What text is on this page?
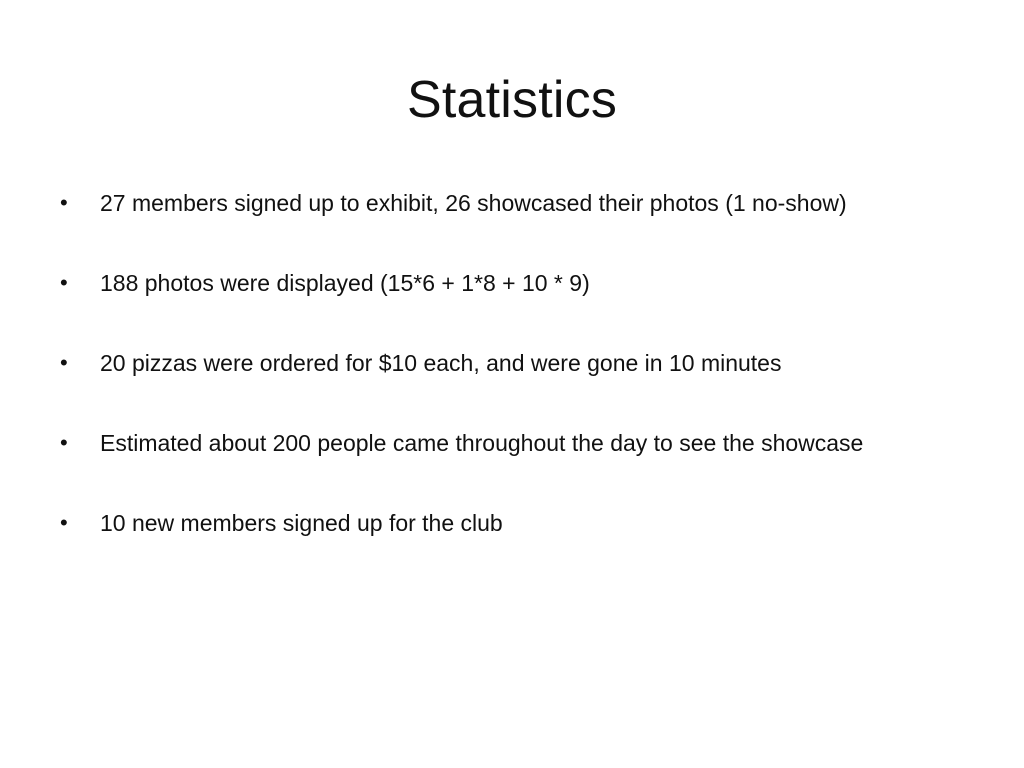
Statistics
•	27 members signed up to exhibit, 26 showcased their photos (1 no-show)
•	188 photos were displayed (15*6 + 1*8 + 10 * 9)
•	20 pizzas were ordered for $10 each, and were gone in 10 minutes
•	Estimated about 200 people came throughout the day to see the showcase
•	10 new members signed up for the club
